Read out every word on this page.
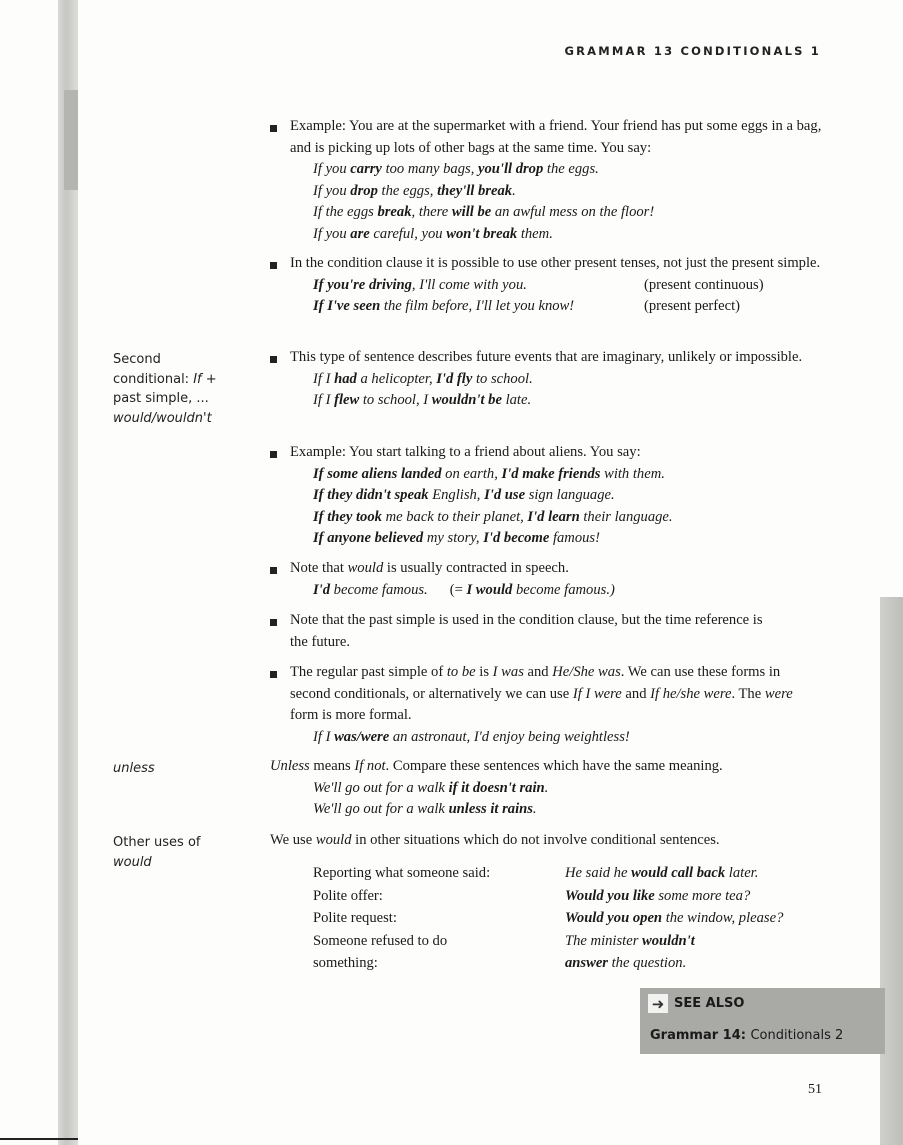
GRAMMAR 13 CONDITIONALS 1
Example: You are at the supermarket with a friend. Your friend has put some eggs in a bag, and is picking up lots of other bags at the same time. You say:
If you carry too many bags, you'll drop the eggs.
If you drop the eggs, they'll break.
If the eggs break, there will be an awful mess on the floor!
If you are careful, you won't break them.
In the condition clause it is possible to use other present tenses, not just the present simple.
If you're driving, I'll come with you.	(present continuous)
If I've seen the film before, I'll let you know!	(present perfect)
Second
conditional: If +
past simple, ...
would/wouldn't
This type of sentence describes future events that are imaginary, unlikely or impossible.
If I had a helicopter, I'd fly to school.
If I flew to school, I wouldn't be late.
Example: You start talking to a friend about aliens. You say:
If some aliens landed on earth, I'd make friends with them.
If they didn't speak English, I'd use sign language.
If they took me back to their planet, I'd learn their language.
If anyone believed my story, I'd become famous!
Note that would is usually contracted in speech.
I'd become famous. (= I would become famous.)
Note that the past simple is used in the condition clause, but the time reference is the future.
The regular past simple of to be is I was and He/She was. We can use these forms in second conditionals, or alternatively we can use If I were and If he/she were. The were form is more formal.
If I was/were an astronaut, I'd enjoy being weightless!
unless	Unless means If not. Compare these sentences which have the same meaning.
We'll go out for a walk if it doesn't rain.
We'll go out for a walk unless it rains.
Other uses of
would
We use would in other situations which do not involve conditional sentences.
Reporting what someone said:	He said he would call back later.
Polite offer:	Would you like some more tea?
Polite request:	Would you open the window, please?
Someone refused to do	The minister wouldn't
something:	answer the question.
➜ SEE ALSO
Grammar 14: Conditionals 2
51
